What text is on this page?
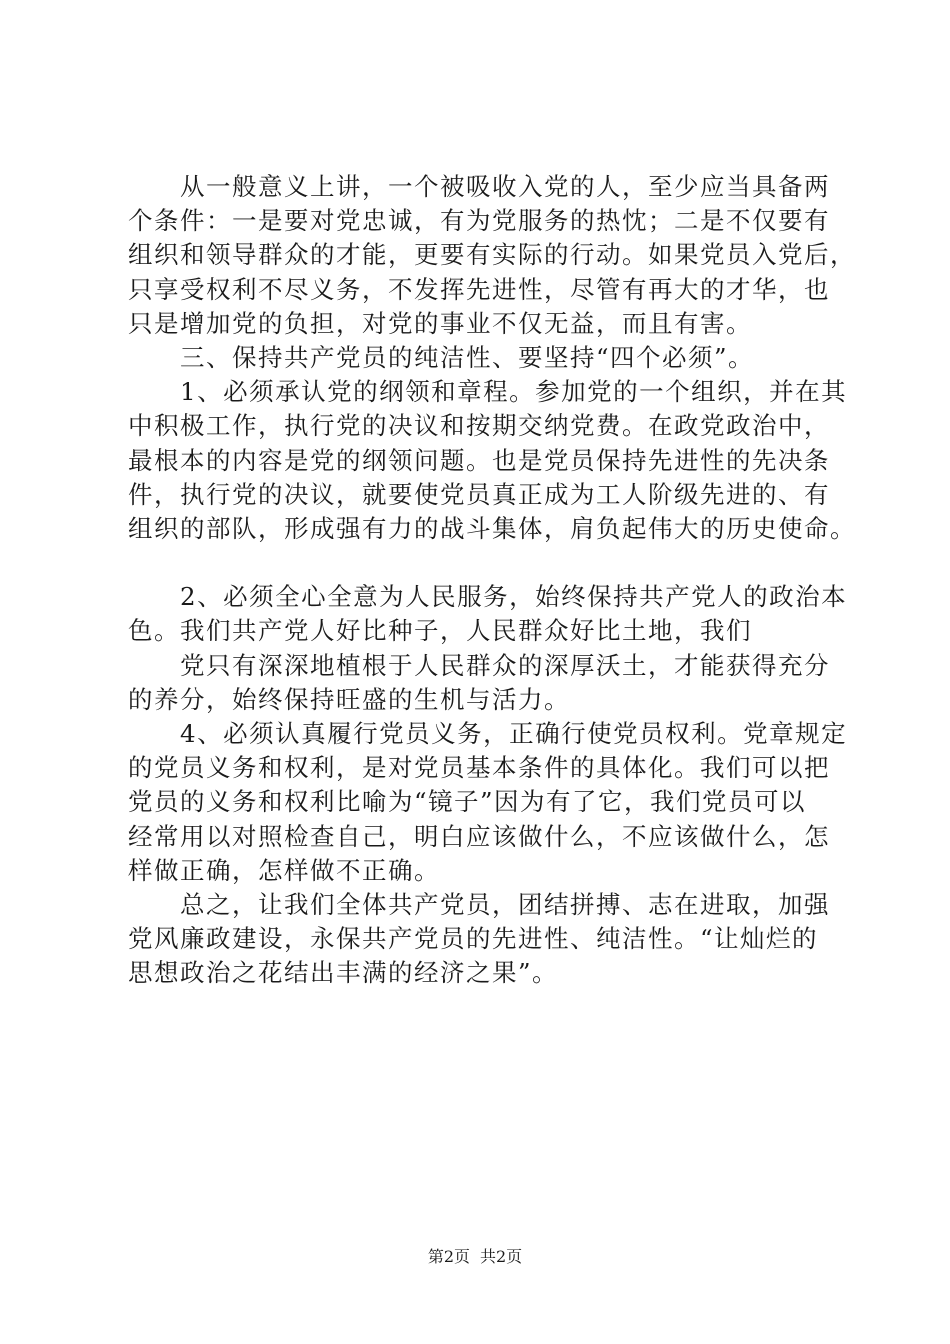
从一般意义上讲，一个被吸收入党的人，至少应当具备两
个条件：一是要对党忠诚，有为党服务的热忱；二是不仅要有
组织和领导群众的才能，更要有实际的行动。如果党员入党后，
只享受权利不尽义务，不发挥先进性，尽管有再大的才华，也
只是增加党的负担，对党的事业不仅无益，而且有害。
三、保持共产党员的纯洁性、要坚持“四个必须”。
1、必须承认党的纲领和章程。参加党的一个组织，并在其
中积极工作，执行党的决议和按期交纳党费。在政党政治中，
最根本的内容是党的纲领问题。也是党员保持先进性的先决条
件，执行党的决议，就要使党员真正成为工人阶级先进的、有
组织的部队，形成强有力的战斗集体，肩负起伟大的历史使命。
2、必须全心全意为人民服务，始终保持共产党人的政治本
色。我们共产党人好比种子，人民群众好比土地，我们
党只有深深地植根于人民群众的深厚沃土，才能获得充分
的养分，始终保持旺盛的生机与活力。
4、必须认真履行党员义务，正确行使党员权利。党章规定
的党员义务和权利，是对党员基本条件的具体化。我们可以把
党员的义务和权利比喻为“镜子”因为有了它，我们党员可以
经常用以对照检查自己，明白应该做什么，不应该做什么，怎
样做正确，怎样做不正确。
总之，让我们全体共产党员，团结拼搏、志在进取，加强
党风廉政建设，永保共产党员的先进性、纯洁性。“让灿烂的
思想政治之花结出丰满的经济之果”。
第2页 共2页
